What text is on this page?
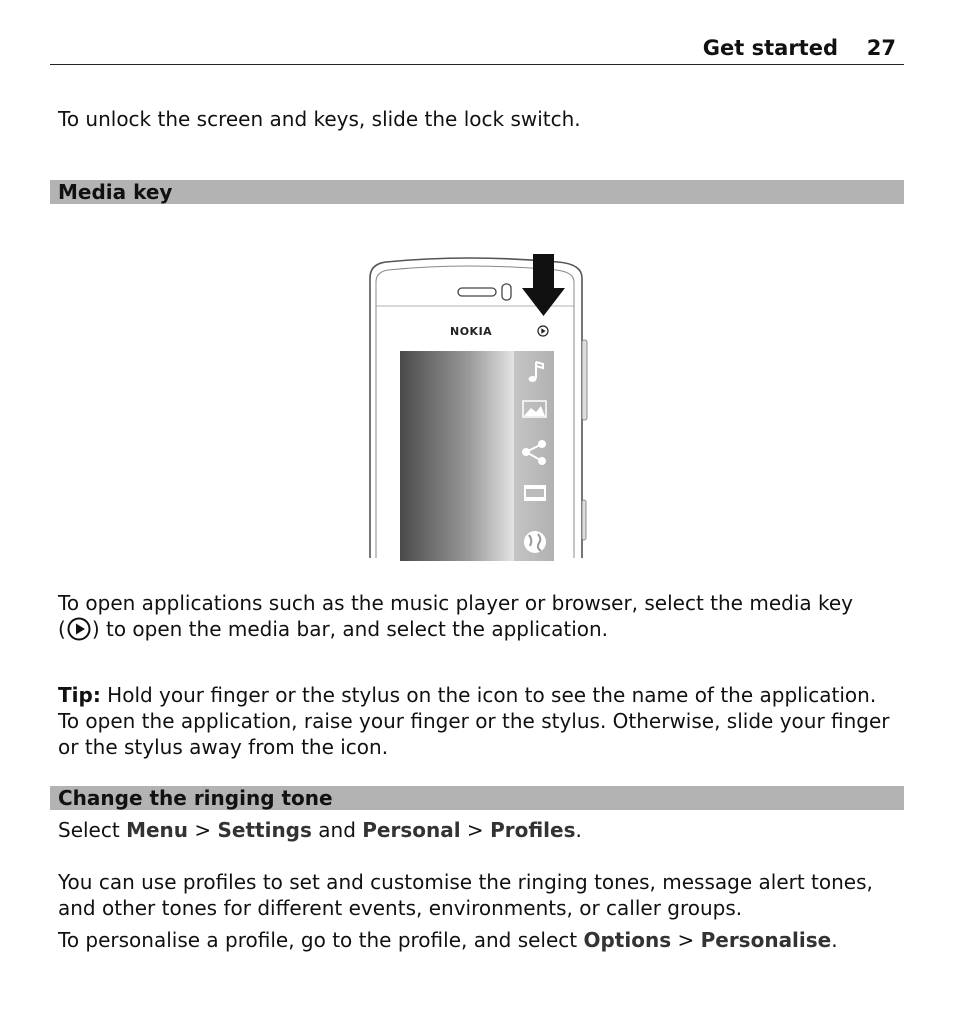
Get started 27
To unlock the screen and keys, slide the lock switch.
Media key
NOKIA
To open applications such as the music player or browser, select the media key
( ) to open the media bar, and select the application.
Tip: Hold your finger or the stylus on the icon to see the name of the application.
To open the application, raise your finger or the stylus. Otherwise, slide your finger
or the stylus away from the icon.
Change the ringing tone
Select Menu > Settings and Personal > Profiles.
You can use profiles to set and customise the ringing tones, message alert tones,
and other tones for different events, environments, or caller groups.
To personalise a profile, go to the profile, and select Options > Personalise.
